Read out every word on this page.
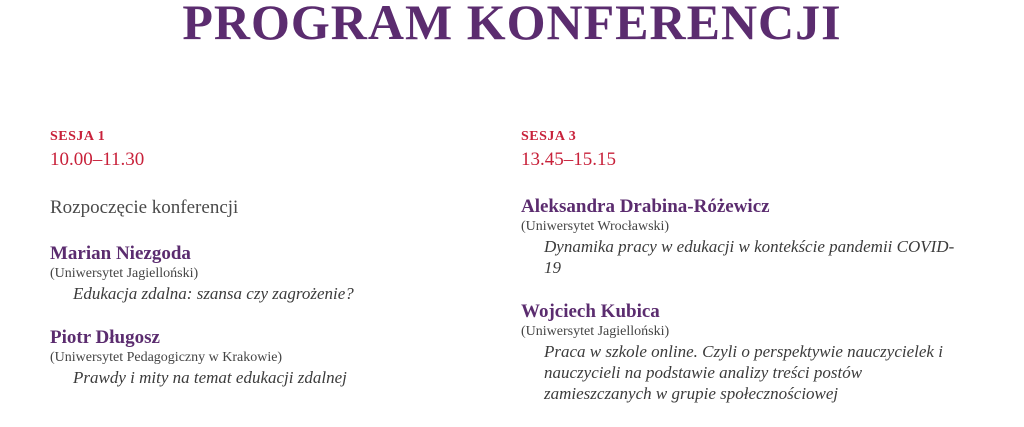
PROGRAM KONFERENCJI
SESJA 1
10.00–11.30
Rozpoczęcie konferencji
Marian Niezgoda
(Uniwersytet Jagielloński)
Edukacja zdalna: szansa czy zagrożenie?
Piotr Długosz
(Uniwersytet Pedagogiczny w Krakowie)
Prawdy i mity na temat edukacji zdalnej
SESJA 3
13.45–15.15
Aleksandra Drabina-Różewicz
(Uniwersytet Wrocławski)
Dynamika pracy w edukacji w kontekście pandemii COVID-19
Wojciech Kubica
(Uniwersytet Jagielloński)
Praca w szkole online. Czyli o perspektywie nauczycielek i nauczycieli na podstawie analizy treści postów zamieszczanych w grupie społecznościowej
